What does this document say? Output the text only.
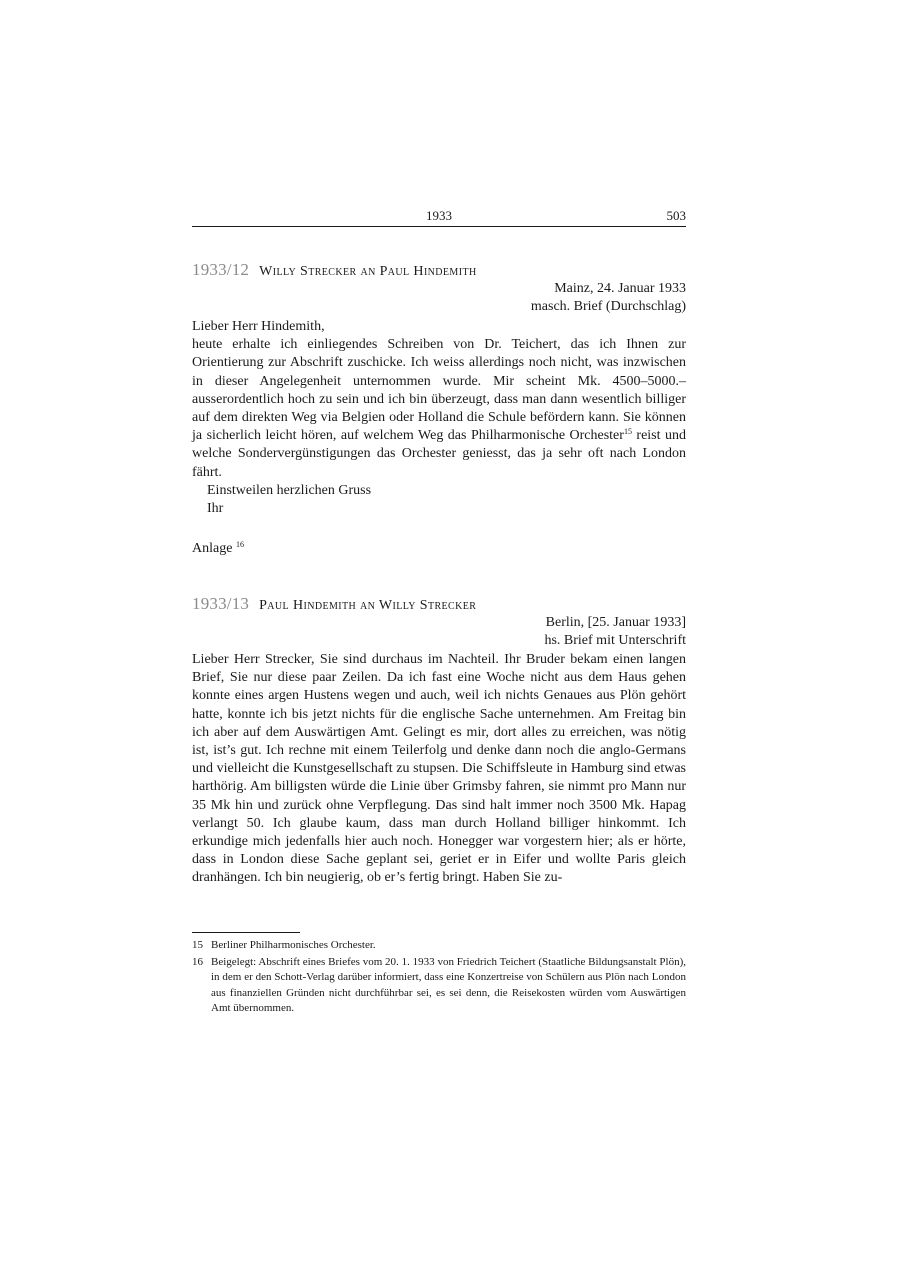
1933	503
1933/12 Willy Strecker an Paul Hindemith
Mainz, 24. Januar 1933
masch. Brief (Durchschlag)

Lieber Herr Hindemith,

heute erhalte ich einliegendes Schreiben von Dr. Teichert, das ich Ihnen zur Orientierung zur Abschrift zuschicke. Ich weiss allerdings noch nicht, was inzwischen in dieser Angelegenheit unternommen wurde. Mir scheint Mk. 4500–5000.– ausserordentlich hoch zu sein und ich bin überzeugt, dass man dann wesentlich billiger auf dem direkten Weg via Belgien oder Holland die Schule befördern kann. Sie können ja sicherlich leicht hören, auf welchem Weg das Philharmonische Orchester$^{15}$ reist und welche Sondervergünstigungen das Orchester geniesst, das ja sehr oft nach London fährt.

Einstweilen herzlichen Gruss

Ihr

Anlage $^{16}$
1933/13 Paul Hindemith an Willy Strecker
Berlin, [25. Januar 1933]
hs. Brief mit Unterschrift

Lieber Herr Strecker, Sie sind durchaus im Nachteil. Ihr Bruder bekam einen langen Brief, Sie nur diese paar Zeilen. Da ich fast eine Woche nicht aus dem Haus gehen konnte eines argen Hustens wegen und auch, weil ich nichts Genaues aus Plön gehört hatte, konnte ich bis jetzt nichts für die englische Sache unternehmen. Am Freitag bin ich aber auf dem Auswärtigen Amt. Gelingt es mir, dort alles zu erreichen, was nötig ist, ist’s gut. Ich rechne mit einem Teilerfolg und denke dann noch die anglo-Germans und vielleicht die Kunstgesellschaft zu stupsen. Die Schiffsleute in Hamburg sind etwas harthörig. Am billigsten würde die Linie über Grimsby fahren, sie nimmt pro Mann nur 35 Mk hin und zurück ohne Verpflegung. Das sind halt immer noch 3500 Mk. Hapag verlangt 50. Ich glaube kaum, dass man durch Holland billiger hinkommt. Ich erkundige mich jedenfalls hier auch noch. Honegger war vorgestern hier; als er hörte, dass in London diese Sache geplant sei, geriet er in Eifer und wollte Paris gleich dranhängen. Ich bin neugierig, ob er’s fertig bringt. Haben Sie zu-

15 Berliner Philharmonisches Orchester.
16 Beigelegt: Abschrift eines Briefes vom 20. 1. 1933 von Friedrich Teichert (Staatliche Bildungsanstalt Plön), in dem er den Schott-Verlag darüber informiert, dass eine Konzertreise von Schülern aus Plön nach London aus finanziellen Gründen nicht durchführbar sei, es sei denn, die Reisekosten würden vom Auswärtigen Amt übernommen.
